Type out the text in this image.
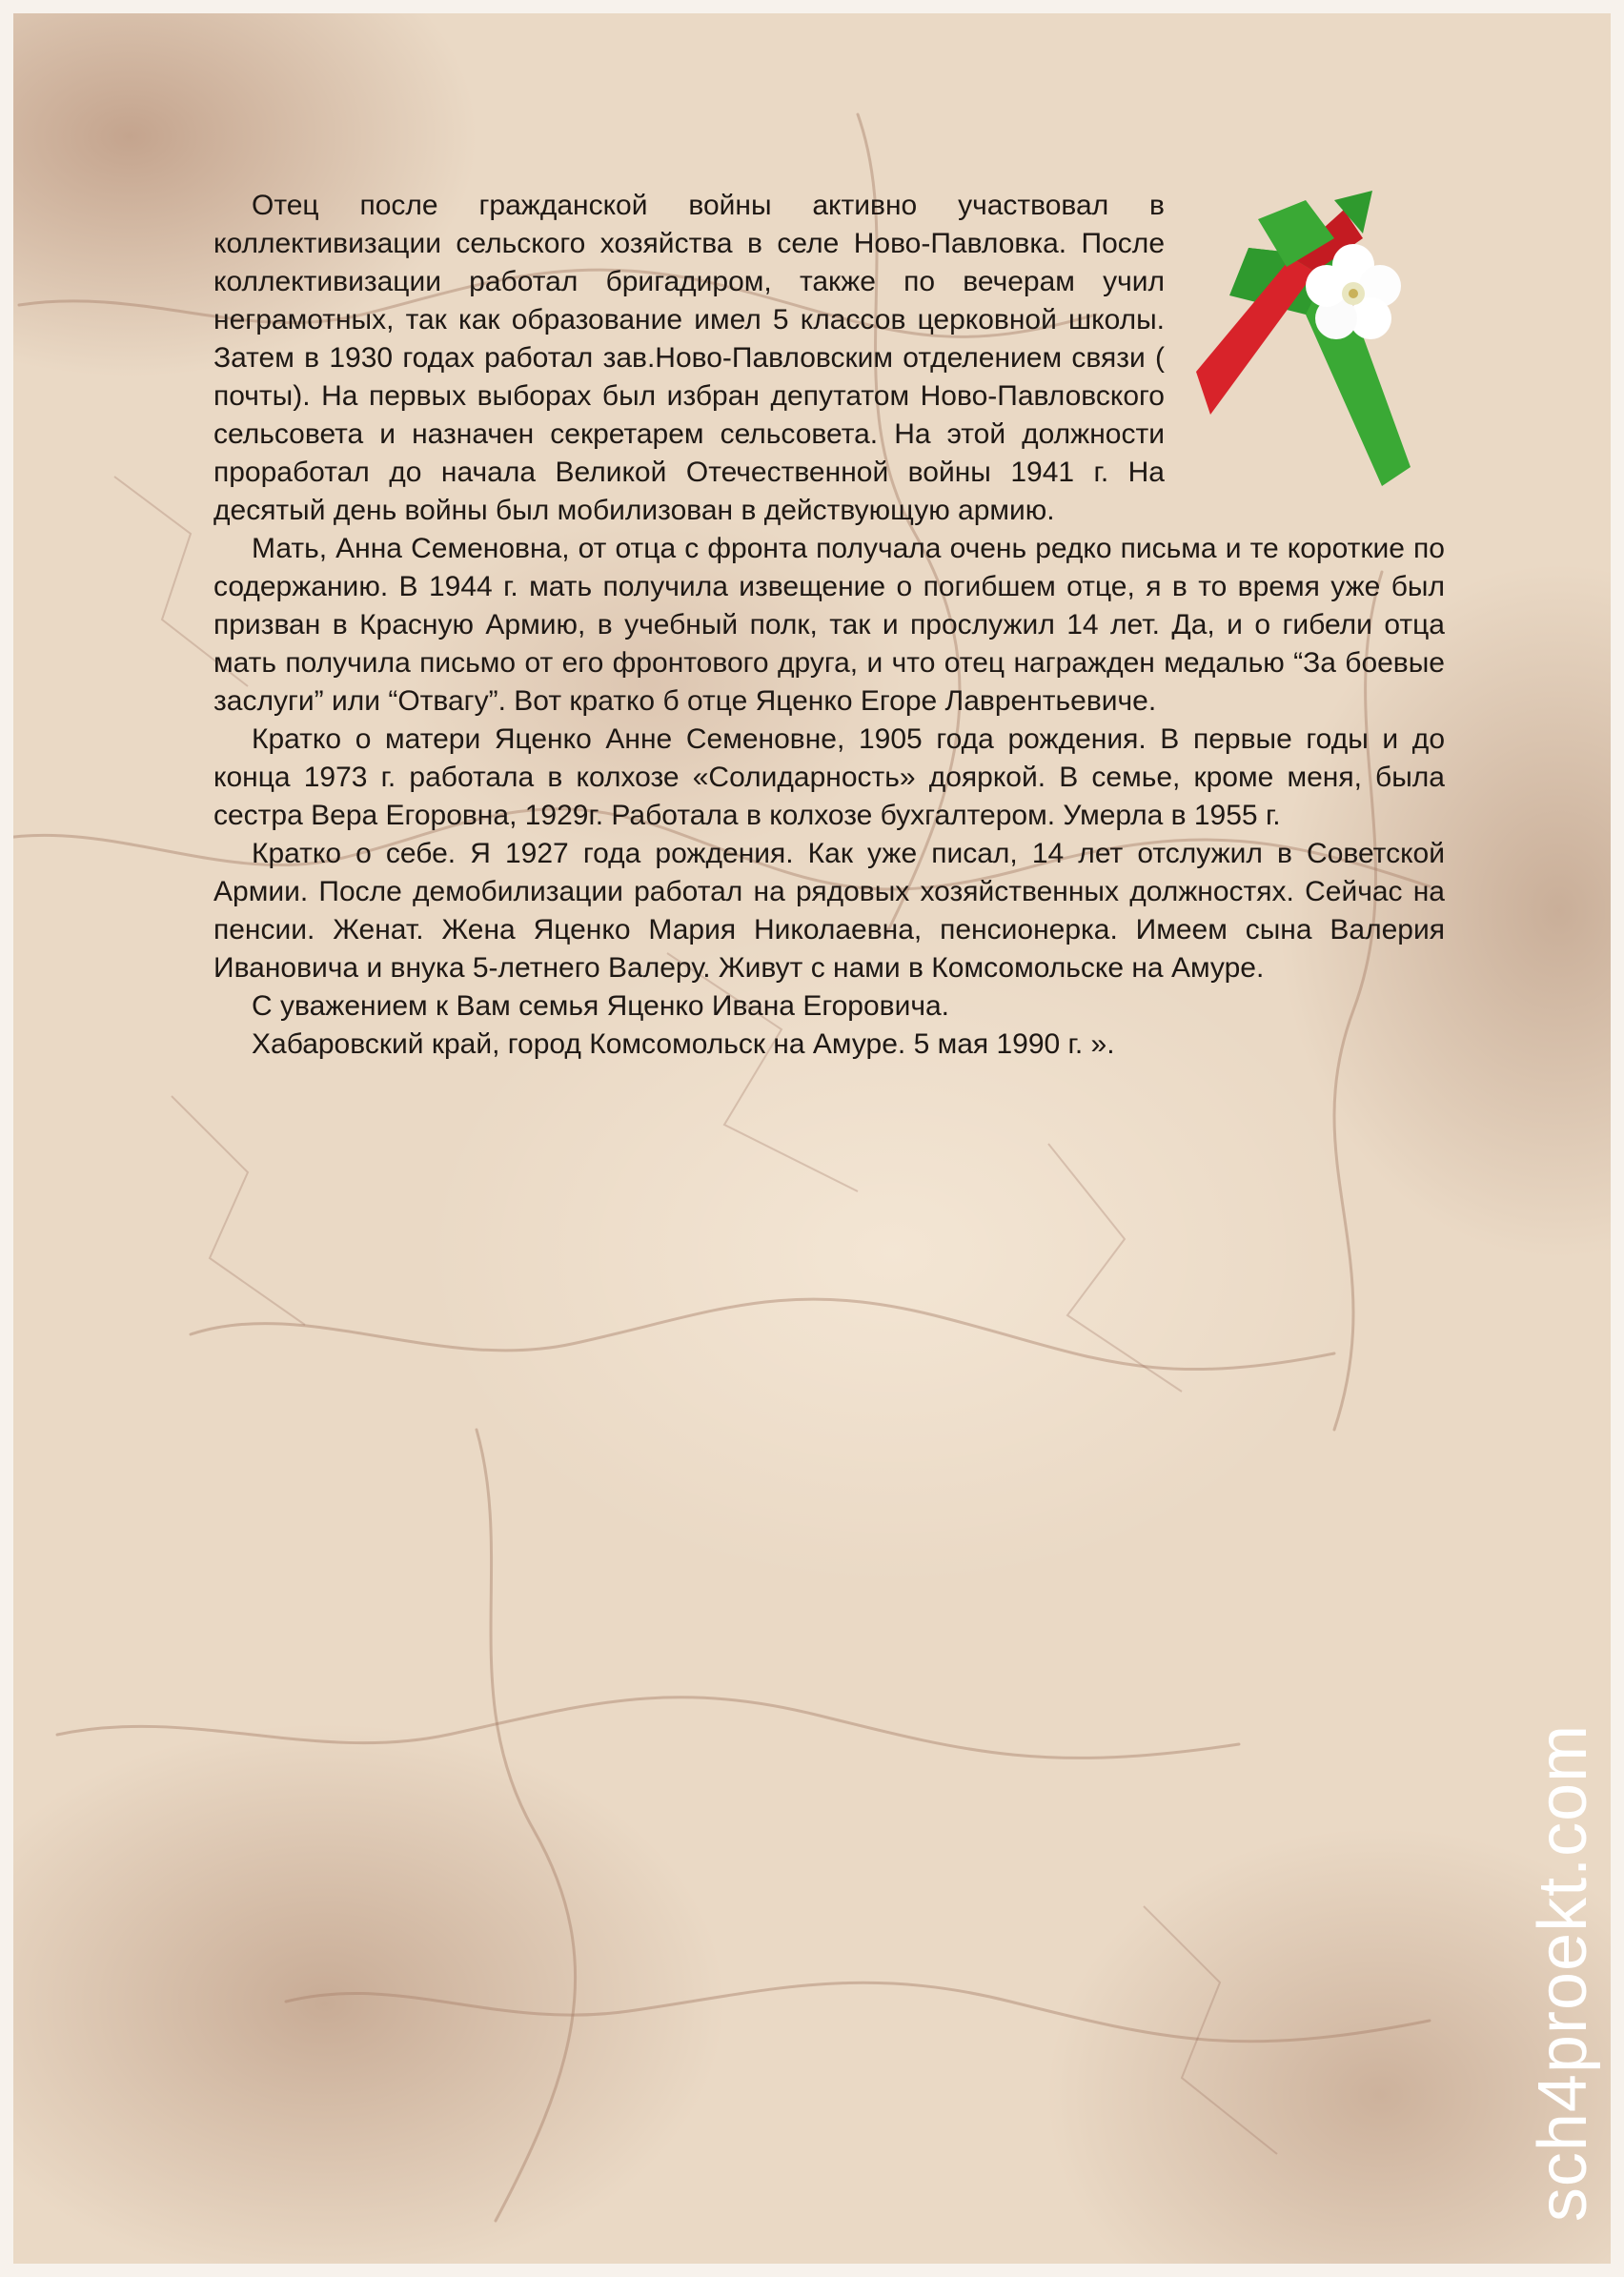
Отец после гражданской войны активно участвовал в коллективизации сельского хозяйства в селе Ново-Павловка. После коллективизации работал бригадиром, также по вечерам учил неграмотных, так как образование имел 5 классов церковной школы. Затем в 1930 годах работал зав.Ново-Павловским отделением связи ( почты). На первых выборах был избран депутатом Ново-Павловского сельсовета и назначен секретарем сельсовета. На этой должности проработал до начала Великой Отечественной войны 1941 г. На десятый день войны был мобилизован в действующую армию.

Мать, Анна Семеновна, от отца с фронта получала очень редко письма и те короткие по содержанию. В 1944 г. мать получила извещение о погибшем отце, я в то время уже был призван в Красную Армию, в учебный полк, так и прослужил 14 лет. Да, и о гибели отца мать получила письмо от его фронтового друга, и что отец награжден медалью “За боевые заслуги” или “Отвагу”. Вот кратко б отце Яценко Егоре Лаврентьевиче.

Кратко о матери Яценко Анне Семеновне, 1905 года рождения. В первые годы и до конца 1973 г. работала в колхозе «Солидарность» дояркой. В семье, кроме меня, была сестра Вера Егоровна, 1929г. Работала в колхозе бухгалтером. Умерла в 1955 г.

Кратко о себе. Я 1927 года рождения. Как уже писал, 14 лет отслужил в Советской Армии. После демобилизации работал на рядовых хозяйственных должностях. Сейчас на пенсии. Женат. Жена Яценко Мария Николаевна, пенсионерка. Имеем сына Валерия Ивановича и внука 5-летнего Валеру. Живут с нами в Комсомольске на Амуре.

С уважением к Вам семья Яценко Ивана Егоровича.

Хабаровский край, город Комсомольск на Амуре. 5 мая 1990 г. ».

sch4proekt.com
